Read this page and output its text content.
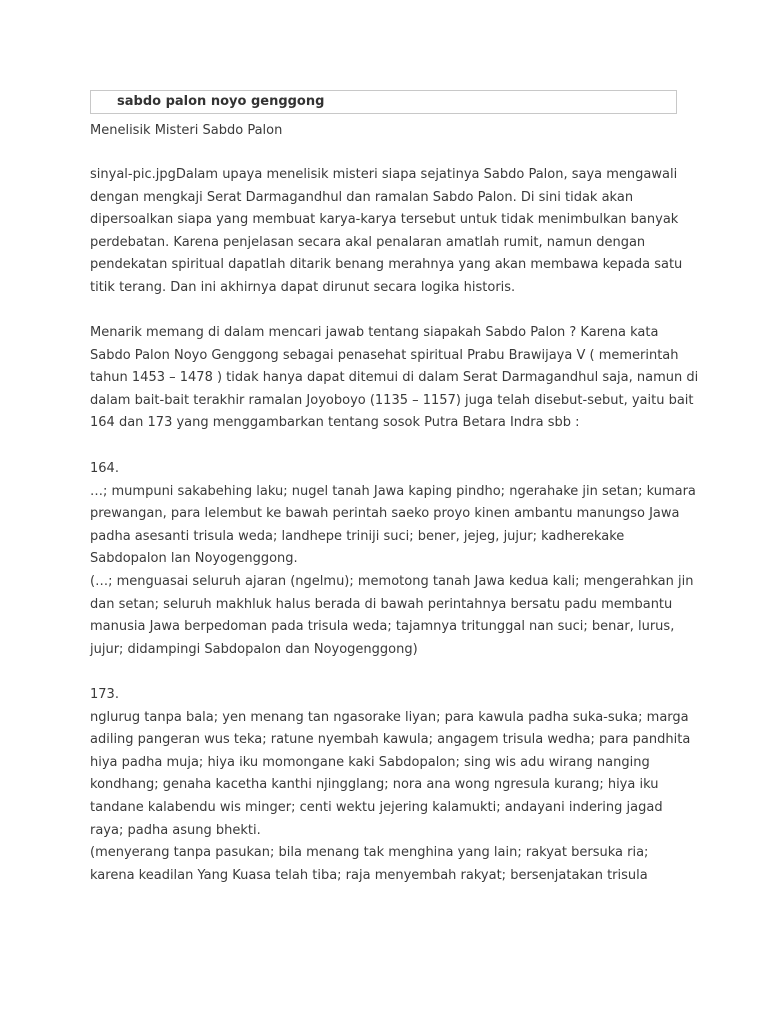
sabdo palon noyo genggong
Menelisik Misteri Sabdo Palon
sinyal-pic.jpgDalam upaya menelisik misteri siapa sejatinya Sabdo Palon, saya mengawali
dengan mengkaji Serat Darmagandhul dan ramalan Sabdo Palon. Di sini tidak akan
dipersoalkan siapa yang membuat karya-karya tersebut untuk tidak menimbulkan banyak
perdebatan. Karena penjelasan secara akal penalaran amatlah rumit, namun dengan
pendekatan spiritual dapatlah ditarik benang merahnya yang akan membawa kepada satu
titik terang. Dan ini akhirnya dapat dirunut secara logika historis.
Menarik memang di dalam mencari jawab tentang siapakah Sabdo Palon ? Karena kata
Sabdo Palon Noyo Genggong sebagai penasehat spiritual Prabu Brawijaya V ( memerintah
tahun 1453 – 1478 ) tidak hanya dapat ditemui di dalam Serat Darmagandhul saja, namun di
dalam bait-bait terakhir ramalan Joyoboyo (1135 – 1157) juga telah disebut-sebut, yaitu bait
164 dan 173 yang menggambarkan tentang sosok Putra Betara Indra sbb :
164.
…; mumpuni sakabehing laku; nugel tanah Jawa kaping pindho; ngerahake jin setan; kumara
prewangan, para lelembut ke bawah perintah saeko proyo kinen ambantu manungso Jawa
padha asesanti trisula weda; landhepe triniji suci; bener, jejeg, jujur; kadherekake
Sabdopalon lan Noyogenggong.
(…; menguasai seluruh ajaran (ngelmu); memotong tanah Jawa kedua kali; mengerahkan jin
dan setan; seluruh makhluk halus berada di bawah perintahnya bersatu padu membantu
manusia Jawa berpedoman pada trisula weda; tajamnya tritunggal nan suci; benar, lurus,
jujur; didampingi Sabdopalon dan Noyogenggong)
173.
nglurug tanpa bala; yen menang tan ngasorake liyan; para kawula padha suka-suka; marga
adiling pangeran wus teka; ratune nyembah kawula; angagem trisula wedha; para pandhita
hiya padha muja; hiya iku momongane kaki Sabdopalon; sing wis adu wirang nanging
kondhang; genaha kacetha kanthi njingglang; nora ana wong ngresula kurang; hiya iku
tandane kalabendu wis minger; centi wektu jejering kalamukti; andayani indering jagad
raya; padha asung bhekti.
(menyerang tanpa pasukan; bila menang tak menghina yang lain; rakyat bersuka ria;
karena keadilan Yang Kuasa telah tiba; raja menyembah rakyat; bersenjatakan trisula
